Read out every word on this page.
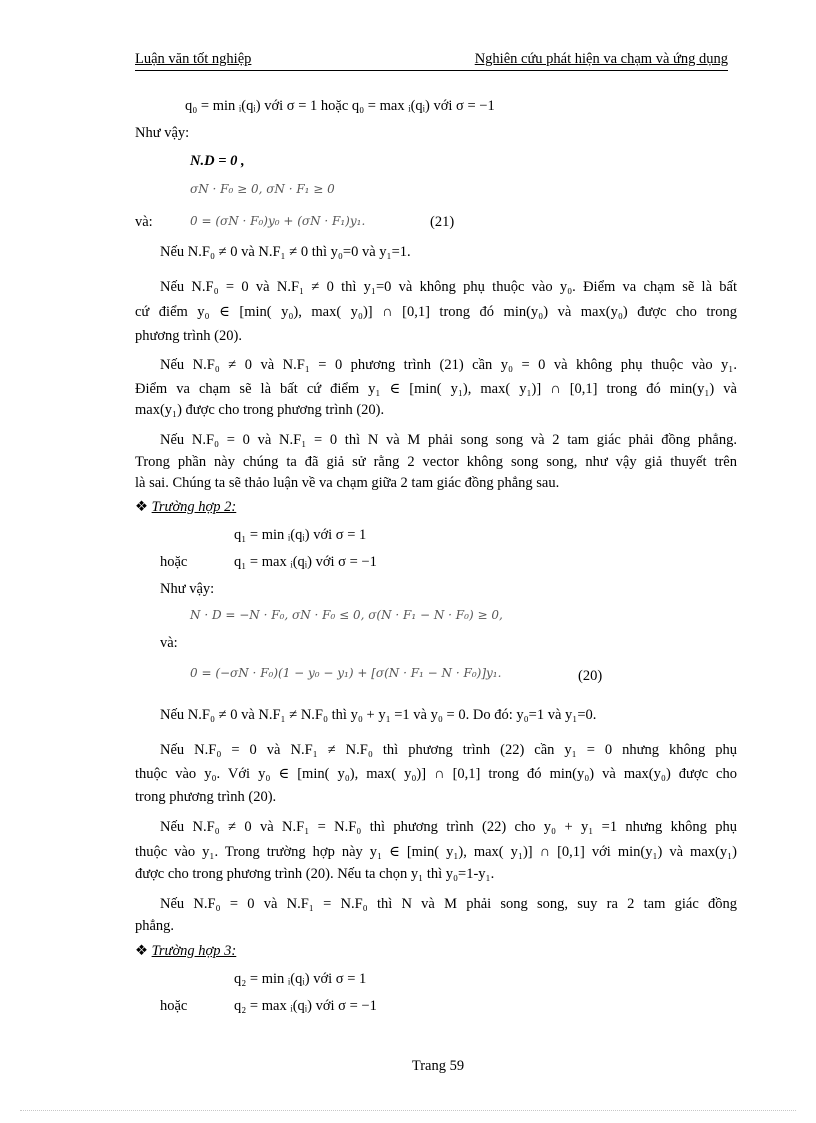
Luận văn tốt nghiệp	Nghiên cứu phát hiện va chạm và ứng dụng
q₀ = min ᵢ(qᵢ) với σ = 1 hoặc q₀ = max ᵢ(qᵢ) với σ = −1
Như vậy:
N.D = 0 ,
σN · F₀ ≥ 0, σN · F₁ ≥ 0
và:	0 = (σN · F₀)y₀ + (σN · F₁)y₁.	(21)
Nếu N.F₀ ≠ 0 và N.F₁ ≠ 0 thì y₀=0 và y₁=1.
Nếu N.F₀ = 0 và N.F₁ ≠ 0 thì y₁=0 và không phụ thuộc vào y₀. Điểm va chạm sẽ là bất
cứ điểm y₀ ∈ [min( y₀), max( y₀)] ∩ [0,1] trong đó min(y₀) và max(y₀) được cho trong
phương trình (20).
Nếu N.F₀ ≠ 0 và N.F₁ = 0 phương trình (21) cần y₀ = 0 và không phụ thuộc vào y₁.
Điểm va chạm sẽ là bất cứ điểm y₁ ∈ [min( y₁), max( y₁)] ∩ [0,1] trong đó min(y₁) và
max(y₁) được cho trong phương trình (20).
Nếu N.F₀ = 0 và N.F₁ = 0 thì N và M phải song song và 2 tam giác phải đồng phẳng.
Trong phần này chúng ta đã giả sử rằng 2 vector không song song, như vậy giả thuyết trên
là sai. Chúng ta sẽ thảo luận về va chạm giữa 2 tam giác đồng phẳng sau.
❖ Trường hợp 2:
q₁ = min ᵢ(qᵢ) với σ = 1
hoặc	q₁ = max ᵢ(qᵢ) với σ = −1
Như vậy:
N · D = −N · F₀, σN · F₀ ≤ 0, σ(N · F₁ − N · F₀) ≥ 0,
và:
0 = (−σN · F₀)(1 − y₀ − y₁) + [σ(N · F₁ − N · F₀)]y₁.	(20)
Nếu N.F₀ ≠ 0 và N.F₁ ≠ N.F₀ thì y₀ + y₁ =1 và y₀ = 0. Do đó: y₀=1 và y₁=0.
Nếu N.F₀ = 0 và N.F₁ ≠ N.F₀ thì phương trình (22) cần y₁ = 0 nhưng không phụ
thuộc vào y₀. Với y₀ ∈ [min( y₀), max( y₀)] ∩ [0,1] trong đó min(y₀) và max(y₀) được cho
trong phương trình (20).
Nếu N.F₀ ≠ 0 và N.F₁ = N.F₀ thì phương trình (22) cho y₀ + y₁ =1 nhưng không phụ
thuộc vào y₁. Trong trường hợp này y₁ ∈ [min( y₁), max( y₁)] ∩ [0,1] với min(y₁) và max(y₁)
được cho trong phương trình (20). Nếu ta chọn y₁ thì y₀=1-y₁.
Nếu N.F₀ = 0 và N.F₁ = N.F₀ thì N và M phải song song, suy ra 2 tam giác đồng
phẳng.
❖ Trường hợp 3:
q₂ = min ᵢ(qᵢ) với σ = 1
hoặc	q₂ = max ᵢ(qᵢ) với σ = −1
Trang 59
